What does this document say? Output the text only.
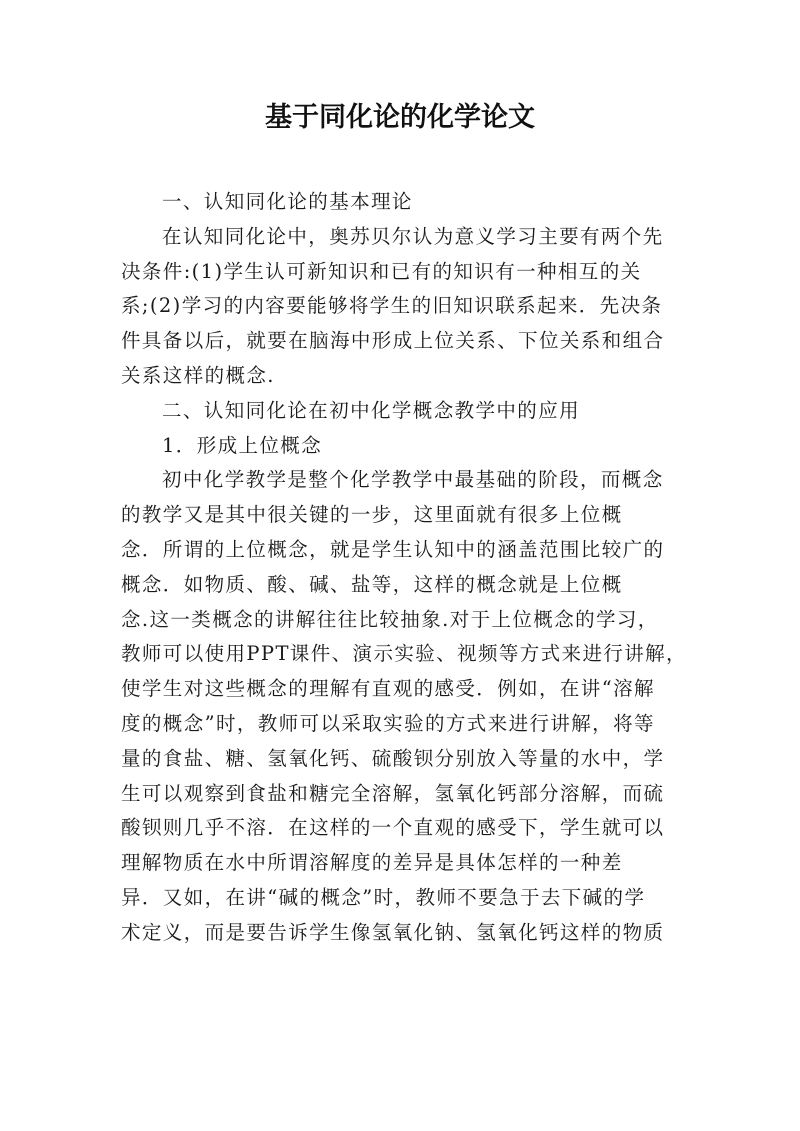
基于同化论的化学论文
一、认知同化论的基本理论
在认知同化论中，奥苏贝尔认为意义学习主要有两个先
决条件:(1)学生认可新知识和已有的知识有一种相互的关
系;(2)学习的内容要能够将学生的旧知识联系起来．先决条
件具备以后，就要在脑海中形成上位关系、下位关系和组合
关系这样的概念.
二、认知同化论在初中化学概念教学中的应用
1．形成上位概念
初中化学教学是整个化学教学中最基础的阶段，而概念
的教学又是其中很关键的一步，这里面就有很多上位概
念．所谓的上位概念，就是学生认知中的涵盖范围比较广的
概念．如物质、酸、碱、盐等，这样的概念就是上位概
念.这一类概念的讲解往往比较抽象.对于上位概念的学习，
教师可以使用PPT课件、演示实验、视频等方式来进行讲解，
使学生对这些概念的理解有直观的感受．例如，在讲“溶解
度的概念”时，教师可以采取实验的方式来进行讲解，将等
量的食盐、糖、氢氧化钙、硫酸钡分别放入等量的水中，学
生可以观察到食盐和糖完全溶解，氢氧化钙部分溶解，而硫
酸钡则几乎不溶．在这样的一个直观的感受下，学生就可以
理解物质在水中所谓溶解度的差异是具体怎样的一种差
异．又如，在讲“碱的概念”时，教师不要急于去下碱的学
术定义，而是要告诉学生像氢氧化钠、氢氧化钙这样的物质
